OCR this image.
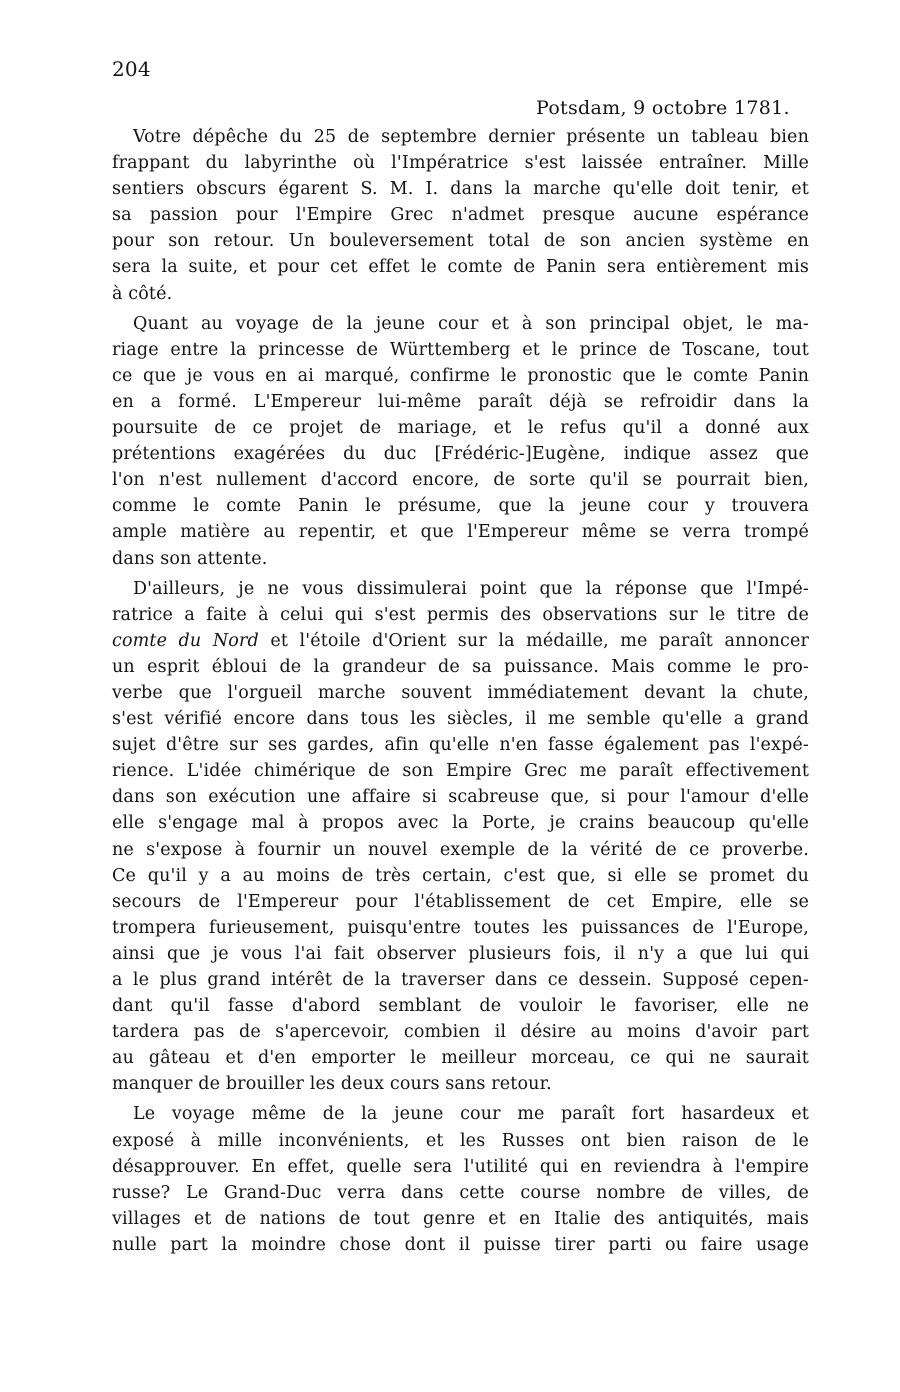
204
Potsdam, 9 octobre 1781.
Votre dépêche du 25 de septembre dernier présente un tableau bien
frappant du labyrinthe où l'Impératrice s'est laissée entraîner. Mille
sentiers obscurs égarent S. M. I. dans la marche qu'elle doit tenir, et
sa passion pour l'Empire Grec n'admet presque aucune espérance
pour son retour. Un bouleversement total de son ancien système en
sera la suite, et pour cet effet le comte de Panin sera entièrement mis
à côté.
Quant au voyage de la jeune cour et à son principal objet, le ma-
riage entre la princesse de Württemberg et le prince de Toscane, tout
ce que je vous en ai marqué, confirme le pronostic que le comte Panin
en a formé. L'Empereur lui-même paraît déjà se refroidir dans la
poursuite de ce projet de mariage, et le refus qu'il a donné aux
prétentions exagérées du duc [Frédéric-]Eugène, indique assez que
l'on n'est nullement d'accord encore, de sorte qu'il se pourrait bien,
comme le comte Panin le présume, que la jeune cour y trouvera
ample matière au repentir, et que l'Empereur même se verra trompé
dans son attente.
D'ailleurs, je ne vous dissimulerai point que la réponse que l'Impé-
ratrice a faite à celui qui s'est permis des observations sur le titre de
comte du Nord et l'étoile d'Orient sur la médaille, me paraît annoncer
un esprit ébloui de la grandeur de sa puissance. Mais comme le pro-
verbe que l'orgueil marche souvent immédiatement devant la chute,
s'est vérifié encore dans tous les siècles, il me semble qu'elle a grand
sujet d'être sur ses gardes, afin qu'elle n'en fasse également pas l'expé-
rience. L'idée chimérique de son Empire Grec me paraît effectivement
dans son exécution une affaire si scabreuse que, si pour l'amour d'elle
elle s'engage mal à propos avec la Porte, je crains beaucoup qu'elle
ne s'expose à fournir un nouvel exemple de la vérité de ce proverbe.
Ce qu'il y a au moins de très certain, c'est que, si elle se promet du
secours de l'Empereur pour l'établissement de cet Empire, elle se
trompera furieusement, puisqu'entre toutes les puissances de l'Europe,
ainsi que je vous l'ai fait observer plusieurs fois, il n'y a que lui qui
a le plus grand intérêt de la traverser dans ce dessein. Supposé cepen-
dant qu'il fasse d'abord semblant de vouloir le favoriser, elle ne
tardera pas de s'apercevoir, combien il désire au moins d'avoir part
au gâteau et d'en emporter le meilleur morceau, ce qui ne saurait
manquer de brouiller les deux cours sans retour.
Le voyage même de la jeune cour me paraît fort hasardeux et
exposé à mille inconvénients, et les Russes ont bien raison de le
désapprouver. En effet, quelle sera l'utilité qui en reviendra à l'empire
russe? Le Grand-Duc verra dans cette course nombre de villes, de
villages et de nations de tout genre et en Italie des antiquités, mais
nulle part la moindre chose dont il puisse tirer parti ou faire usage
